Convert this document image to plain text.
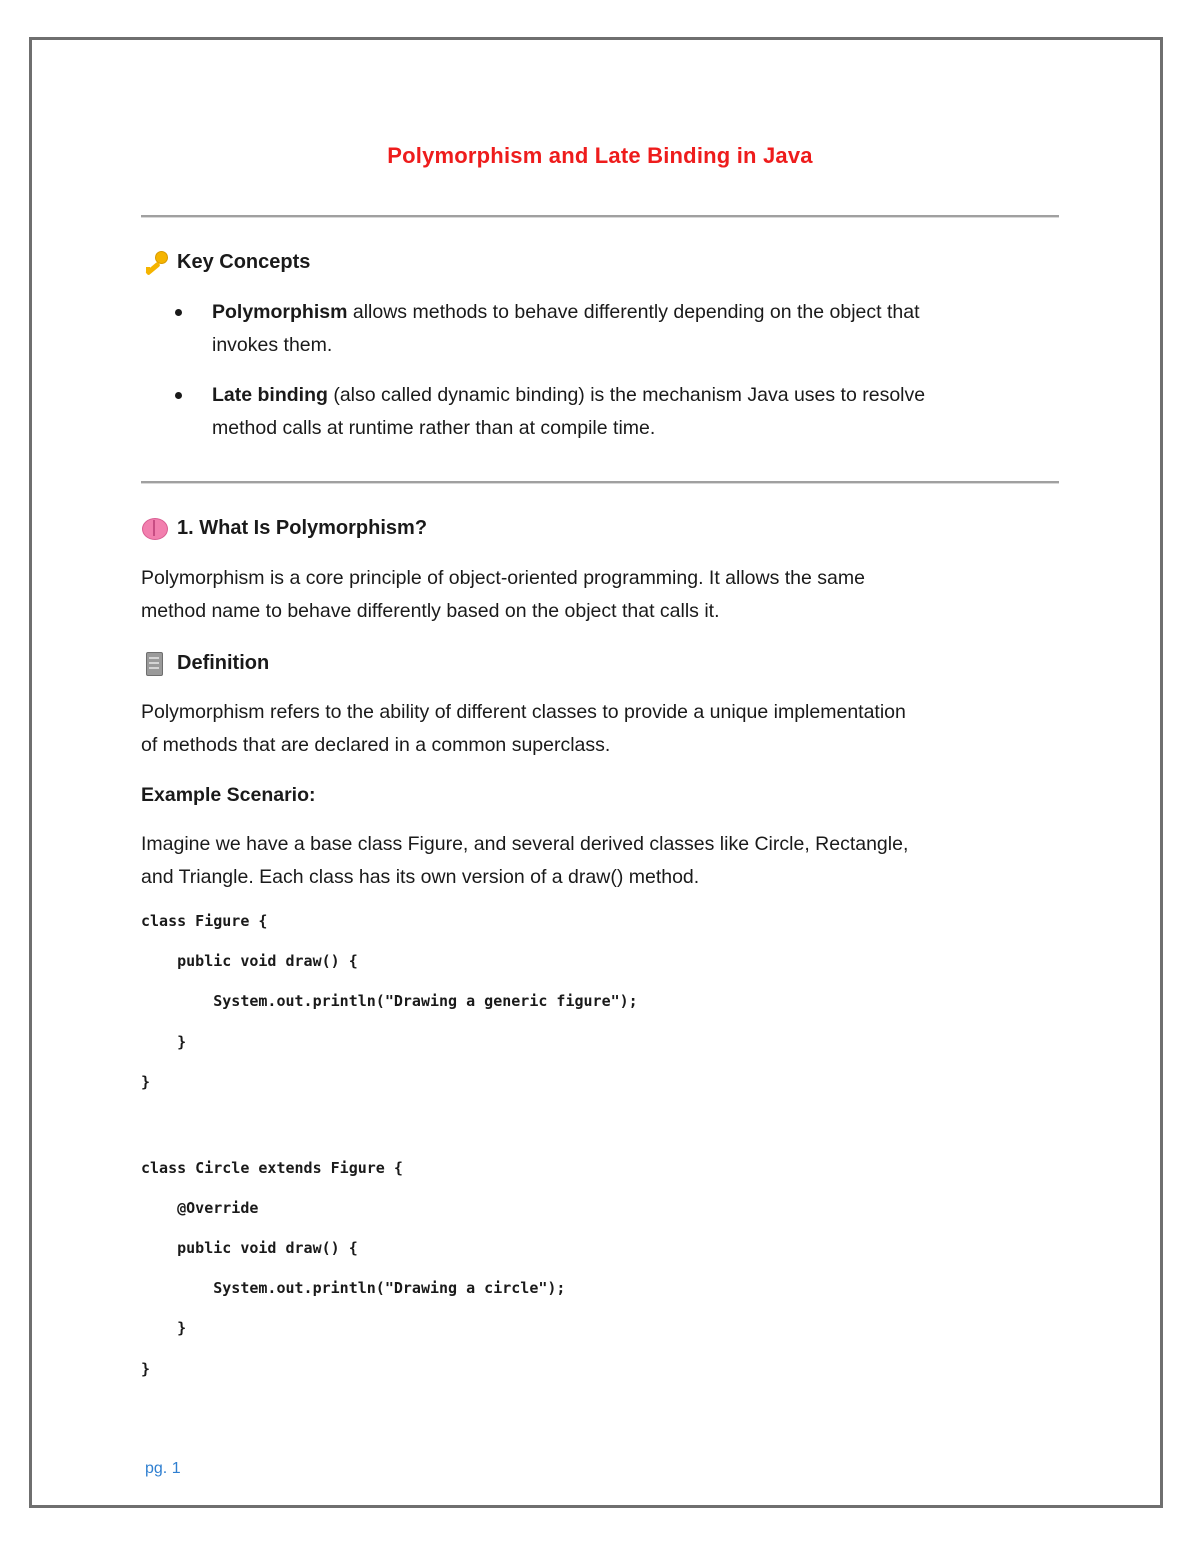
Polymorphism and Late Binding in Java
Key Concepts
Polymorphism allows methods to behave differently depending on the object that
invokes them.
Late binding (also called dynamic binding) is the mechanism Java uses to resolve
method calls at runtime rather than at compile time.
1. What Is Polymorphism?
Polymorphism is a core principle of object-oriented programming. It allows the same
method name to behave differently based on the object that calls it.
Definition
Polymorphism refers to the ability of different classes to provide a unique implementation
of methods that are declared in a common superclass.
Example Scenario:
Imagine we have a base class Figure, and several derived classes like Circle, Rectangle,
and Triangle. Each class has its own version of a draw() method.
class Figure {
public void draw() {
System.out.println("Drawing a generic figure");
}
}
class Circle extends Figure {
@Override
public void draw() {
System.out.println("Drawing a circle");
}
}
pg. 1
